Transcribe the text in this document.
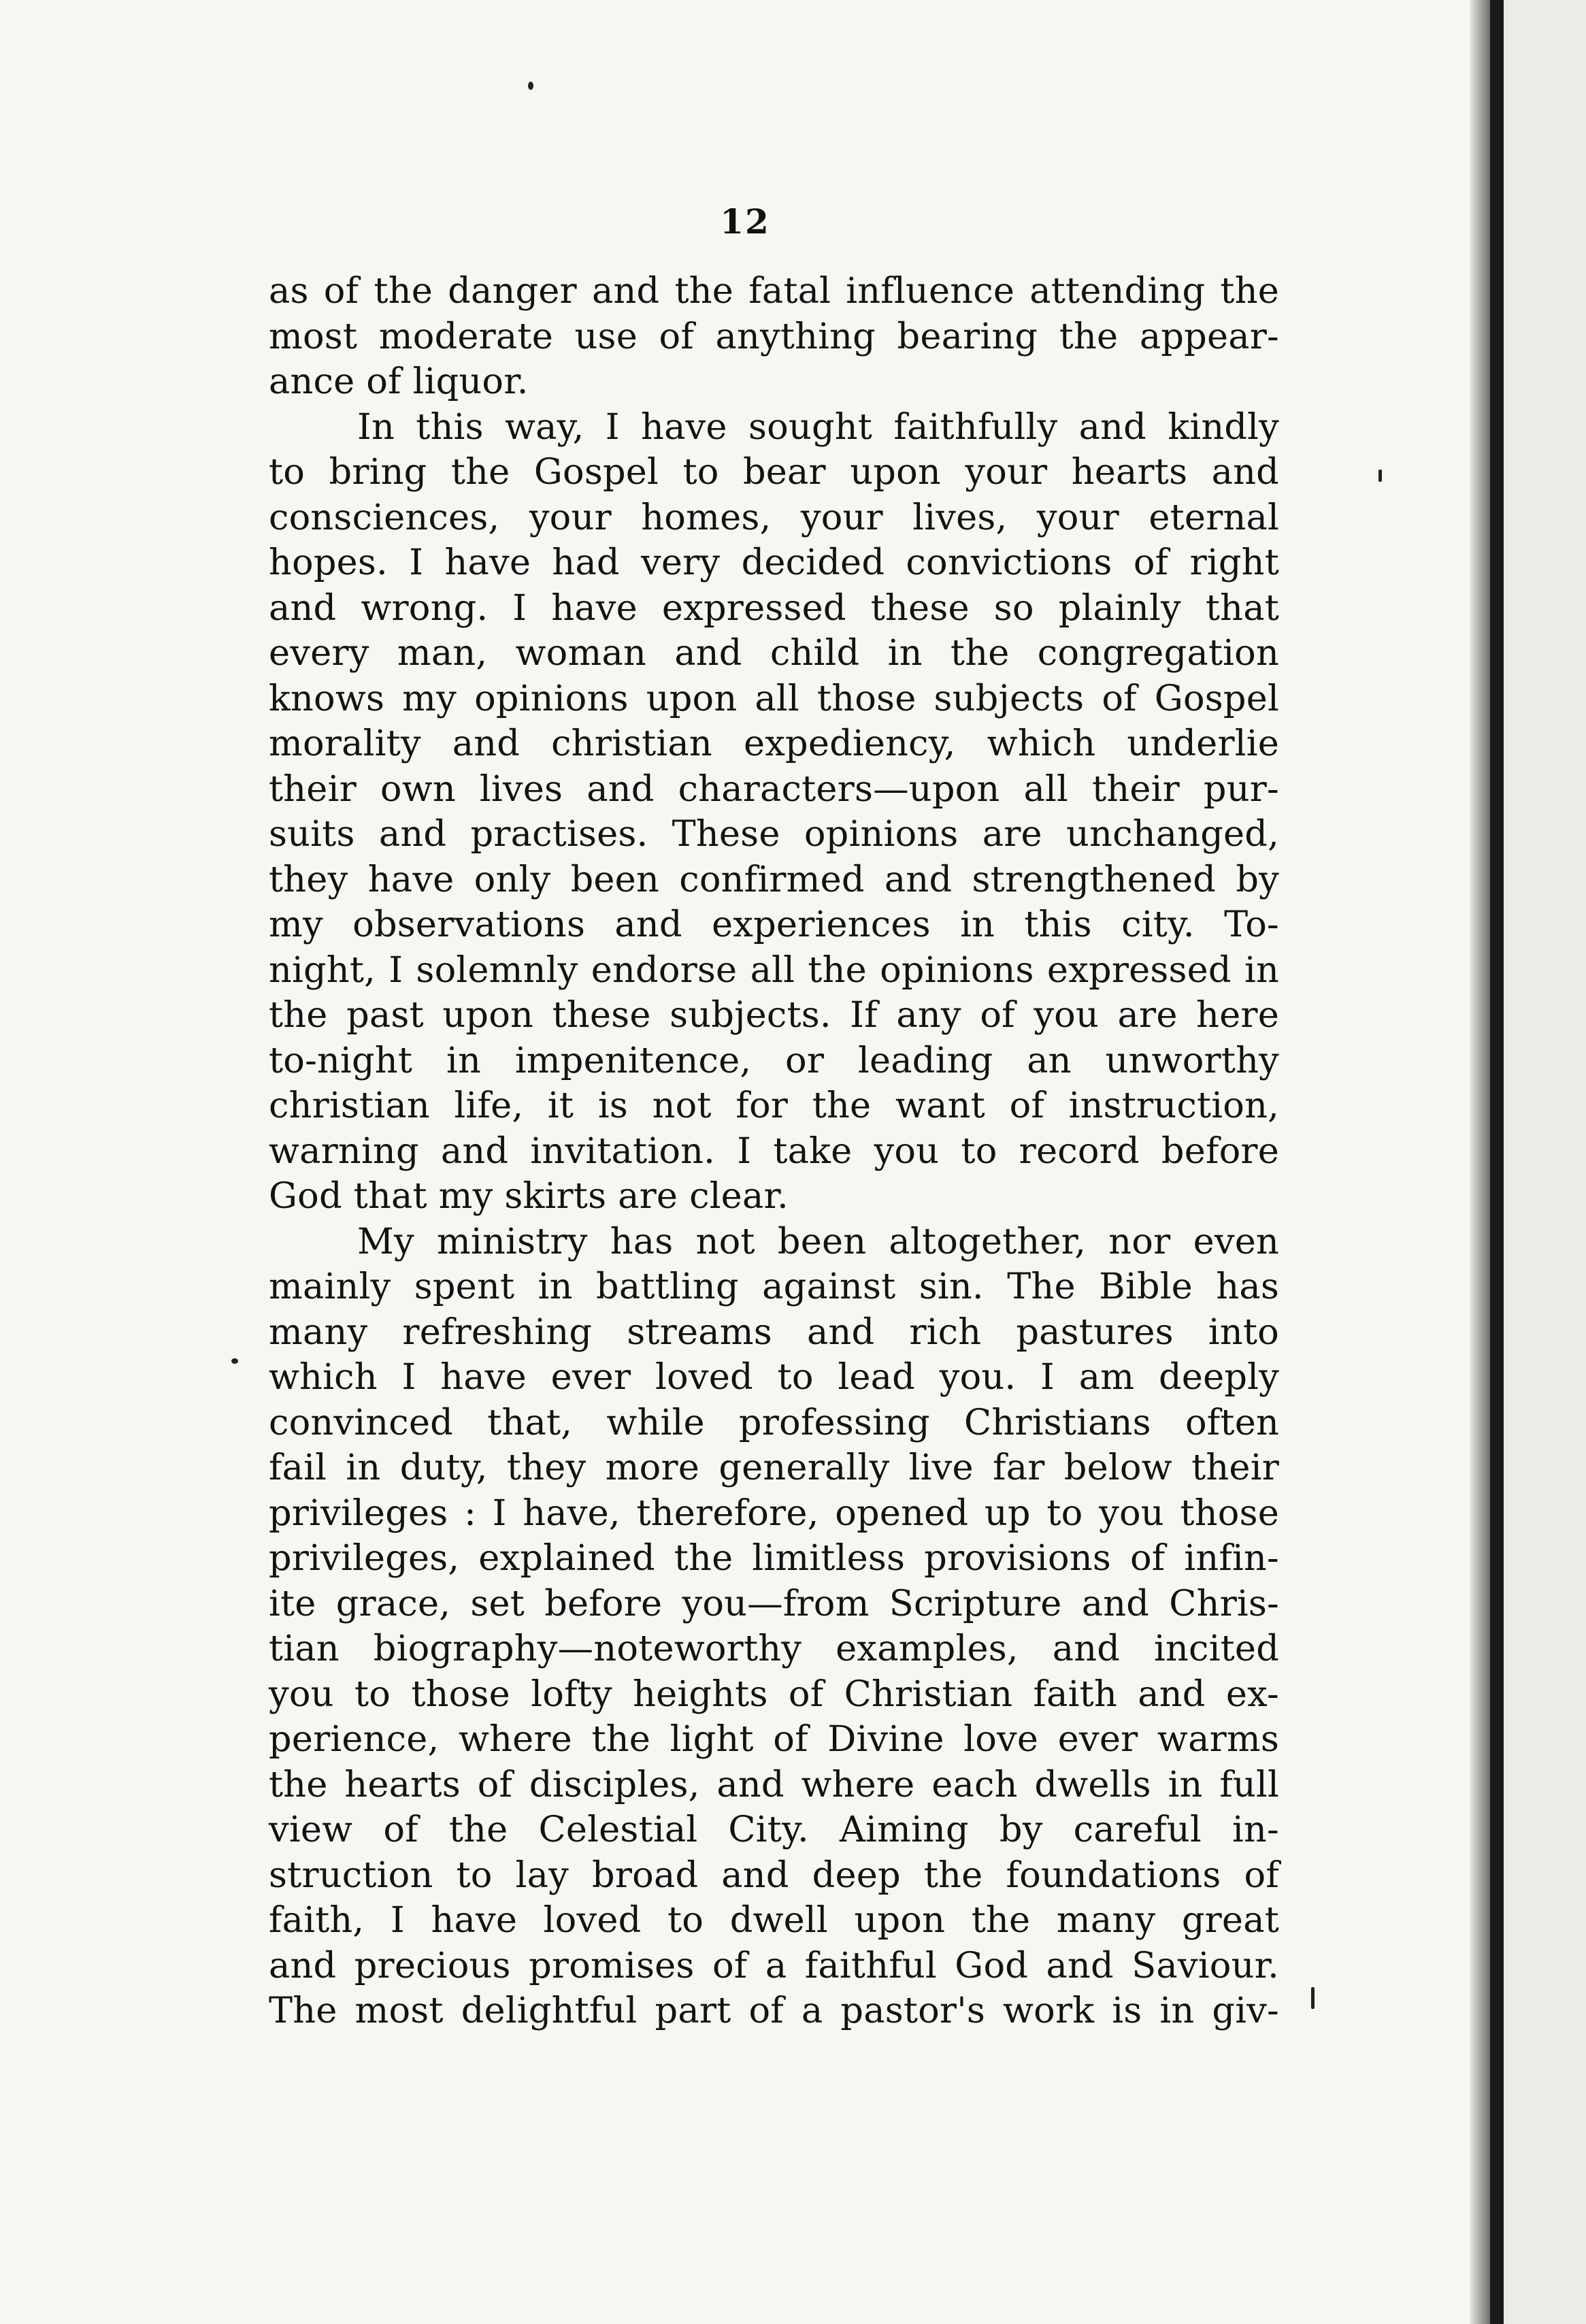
12
as of the danger and the fatal influence attending the
most moderate use of anything bearing the appear-
ance of liquor.
In this way, I have sought faithfully and kindly
to bring the Gospel to bear upon your hearts and
consciences, your homes, your lives, your eternal
hopes. I have had very decided convictions of right
and wrong. I have expressed these so plainly that
every man, woman and child in the congregation
knows my opinions upon all those subjects of Gospel
morality and christian expediency, which underlie
their own lives and characters—upon all their pur-
suits and practises. These opinions are unchanged,
they have only been confirmed and strengthened by
my observations and experiences in this city. To-
night, I solemnly endorse all the opinions expressed in
the past upon these subjects. If any of you are here
to-night in impenitence, or leading an unworthy
christian life, it is not for the want of instruction,
warning and invitation. I take you to record before
God that my skirts are clear.
My ministry has not been altogether, nor even
mainly spent in battling against sin. The Bible has
many refreshing streams and rich pastures into
which I have ever loved to lead you. I am deeply
convinced that, while professing Christians often
fail in duty, they more generally live far below their
privileges : I have, therefore, opened up to you those
privileges, explained the limitless provisions of infin-
ite grace, set before you—from Scripture and Chris-
tian biography—noteworthy examples, and incited
you to those lofty heights of Christian faith and ex-
perience, where the light of Divine love ever warms
the hearts of disciples, and where each dwells in full
view of the Celestial City. Aiming by careful in-
struction to lay broad and deep the foundations of
faith, I have loved to dwell upon the many great
and precious promises of a faithful God and Saviour.
The most delightful part of a pastor's work is in giv-
